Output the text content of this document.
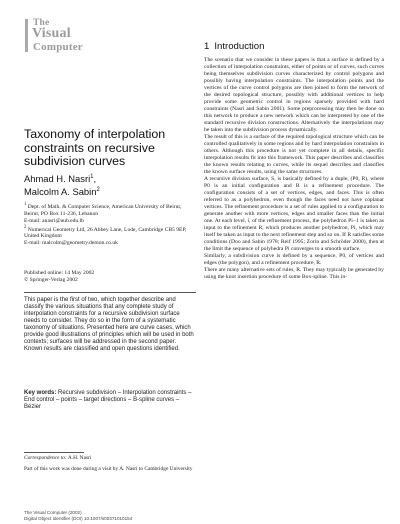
The
Visual
Computer
Taxonomy of interpolation constraints on recursive subdivision curves
Ahmad H. Nasri$^1$,
Malcolm A. Sabin$^2$
$^1$ Dept. of Math. & Computer Science, American University of Beirut, Beirut, PO Box 11-236, Lebanon
E-mail: anasri@aub.edu.lb
$^2$ Numerical Geometry Ltd, 26 Abbey Lane, Lode, Cambridge CB5 9EP, United Kingdom
E-mail: malcolm@geometry.demon.co.uk
Published online: 14 May 2002
© Springer-Verlag 2002
This paper is the first of two, which together describe and classify the various situations that any complete study of interpolation constraints for a recursive subdivision surface needs to consider. They do so in the form of a systematic taxonomy of situations. Presented here are curve cases, which provide good illustrations of principles which will be used in both contexts; surfaces will be addressed in the second paper. Known results are classified and open questions identified.
Key words: Recursive subdivision – Interpolation constraints – End control – points – target directions – B-spline curves – Bézier
Correspondence to: A.H. Nasri
Part of this work was done during a visit by A. Nasri to Cambridge University
The Visual Computer (2002)
Digital Object Identifier (DOI) 10.1007/s00371010154
1 Introduction

The scenario that we consider in these papers is that a surface is defined by a collection of interpolation constraints, either of points or of curves, such curves being themselves subdivision curves characterized by control polygons and possibly having interpolation constraints. The interpolation points and the vertices of the curve control polygons are then joined to form the network of the desired topological structure, possibly with additional vertices to help provide some geometric control in regions sparsely provided with hard constraints (Nasri and Sabin 2001). Some preprocessing may then be done on this network to produce a new network which can be interpreted by one of the standard recursive division constructions. Alternatively the interpolations may be taken into the subdivision process dynamically.

The result of this is a surface of the required topological structure which can be controlled qualitatively in some regions and by hard interpolation constraints in others. Although this procedure is not yet complete in all details, specific interpolation results fit into this framework. This paper describes and classifies the known results relating to curves, while its sequel describes and classifies the known surface results, using the same structures.

A recursive division surface, S, is basically defined by a duple, (P0, R), where P0 is an initial configuration and R is a refinement procedure. The configuration consists of a set of vertices, edges, and faces. This is often referred to as a polyhedron, even though the faces need not have coplanar vertices. The refinement procedure is a set of rules applied to a configuration to generate another with more vertices, edges and smaller faces than the initial one. At each level, i, of the refinement process, the polyhedron Pi−1 is taken as input to the refinement R, which produces another polyhedron, Pi, which may itself be taken as input to the next refinement step and so on. If R satisfies some conditions (Doo and Sabin 1978; Reif 1995; Zorin and Schröder 2000), then at the limit the sequence of polyhedra Pi converges to a smooth surface.

Similarly, a subdivision curve is defined by a sequence, P0, of vertices and edges (the polygon), and a refinement procedure, R.

There are many alternative sets of rules, R. They may typically be generated by using the knot insertion procedure of some Box-spline. This in-
